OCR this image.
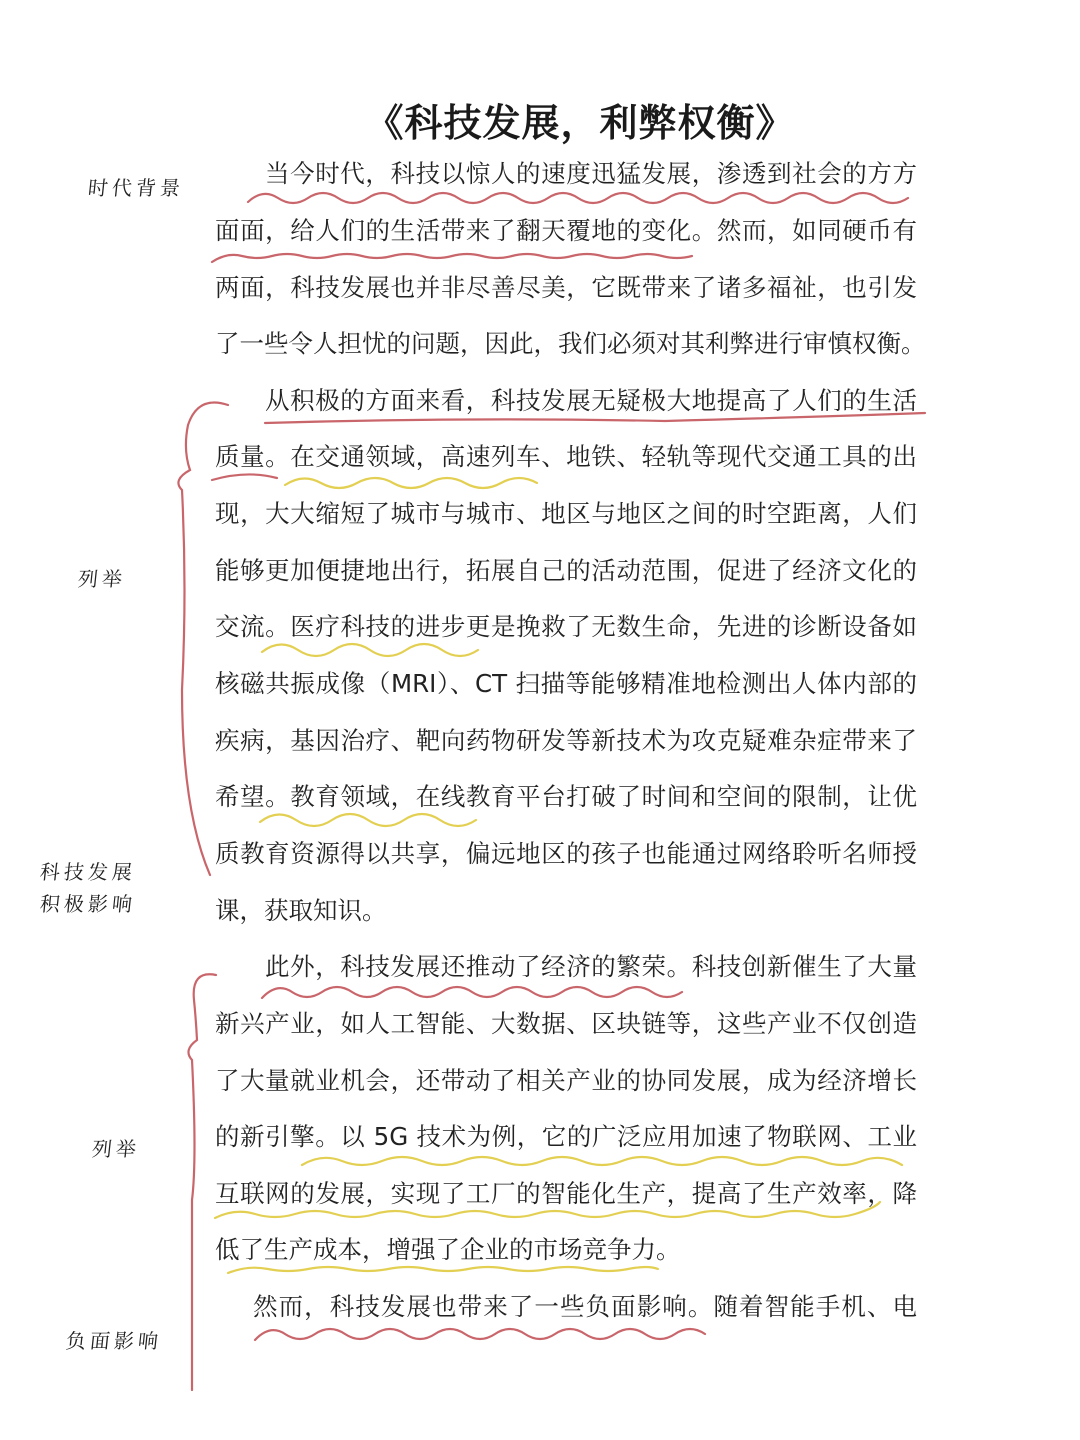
《科技发展，利弊权衡》
时代背景
列举
科技发展
积极影响
列举
负面影响
当今时代，科技以惊人的速度迅猛发展，渗透到社会的方方
面面，给人们的生活带来了翻天覆地的变化。然而，如同硬币有
两面，科技发展也并非尽善尽美，它既带来了诸多福祉，也引发
了一些令人担忧的问题，因此，我们必须对其利弊进行审慎权衡。
从积极的方面来看，科技发展无疑极大地提高了人们的生活
质量。在交通领域，高速列车、地铁、轻轨等现代交通工具的出
现，大大缩短了城市与城市、地区与地区之间的时空距离，人们
能够更加便捷地出行，拓展自己的活动范围，促进了经济文化的
交流。医疗科技的进步更是挽救了无数生命，先进的诊断设备如
核磁共振成像（MRI）、CT 扫描等能够精准地检测出人体内部的
疾病，基因治疗、靶向药物研发等新技术为攻克疑难杂症带来了
希望。教育领域，在线教育平台打破了时间和空间的限制，让优
质教育资源得以共享，偏远地区的孩子也能通过网络聆听名师授
课，获取知识。
此外，科技发展还推动了经济的繁荣。科技创新催生了大量
新兴产业，如人工智能、大数据、区块链等，这些产业不仅创造
了大量就业机会，还带动了相关产业的协同发展，成为经济增长
的新引擎。以 5G 技术为例，它的广泛应用加速了物联网、工业
互联网的发展，实现了工厂的智能化生产，提高了生产效率，降
低了生产成本，增强了企业的市场竞争力。
然而，科技发展也带来了一些负面影响。随着智能手机、电
